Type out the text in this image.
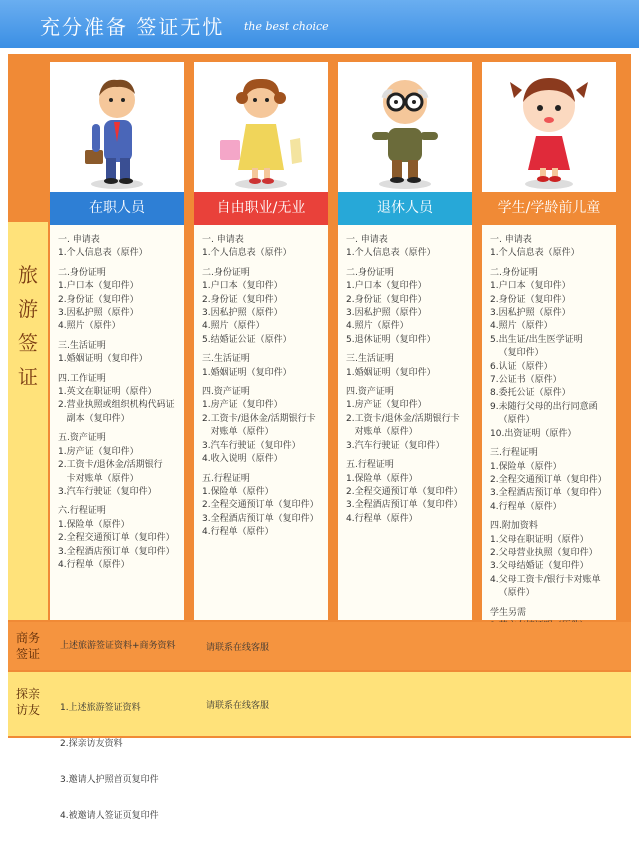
充分准备 签证无忧 the best choice
旅游签证
在职人员
一. 申请表
1.个人信息表（原件）
二.身份证明
1.户口本（复印件）
2.身份证（复印件）
3.因私护照（原件）
4.照片（原件）
三.生活证明
1.婚姻证明（复印件）
四.工作证明
1.英文在职证明（原件）
2.营业执照或组织机构代码证
副本（复印件）
五.资产证明
1.房产证（复印件）
2.工资卡/退休金/活期银行
卡对账单（原件）
3.汽车行驶证（复印件）
六.行程证明
1.保险单（原件）
2.全程交通预订单（复印件）
3.全程酒店预订单（复印件）
4.行程单（原件）
自由职业/无业
一. 申请表
1.个人信息表（原件）
二.身份证明
1.户口本（复印件）
2.身份证（复印件）
3.因私护照（原件）
4.照片（原件）
5.结婚证公证（原件）
三.生活证明
1.婚姻证明（复印件）
四.资产证明
1.房产证（复印件）
2.工资卡/退休金/活期银行卡
对账单（原件）
3.汽车行驶证（复印件）
4.收入说明（原件）
五.行程证明
1.保险单（原件）
2.全程交通预订单（复印件）
3.全程酒店预订单（复印件）
4.行程单（原件）
退休人员
一. 申请表
1.个人信息表（原件）
二.身份证明
1.户口本（复印件）
2.身份证（复印件）
3.因私护照（原件）
4.照片（原件）
5.退休证明（复印件）
三.生活证明
1.婚姻证明（复印件）
四.资产证明
1.房产证（复印件）
2.工资卡/退休金/活期银行卡
对账单（原件）
3.汽车行驶证（复印件）
五.行程证明
1.保险单（原件）
2.全程交通预订单（复印件）
3.全程酒店预订单（复印件）
4.行程单（原件）
学生/学龄前儿童
一. 申请表
1.个人信息表（原件）
二.身份证明
1.户口本（复印件）
2.身份证（复印件）
3.因私护照（原件）
4.照片（原件）
5.出生证/出生医学证明
（复印件）
6.认证（原件）
7.公证书（原件）
8.委托公证（原件）
9.未随行父母的出行同意函
（原件）
10.出资证明（原件）
三.行程证明
1.保险单（原件）
2.全程交通预订单（复印件）
3.全程酒店预订单（复印件）
4.行程单（原件）
四.附加资料
1.父母在职证明（原件）
2.父母营业执照（复印件）
3.父母结婚证（复印件）
4.父母工资卡/银行卡对账单
（原件）
学生另需
商务
签证
上述旅游签证资料+商务资料	请联系在线客服
探亲
访友

	1.上述旅游签证资料

2.探亲访友资料

3.邀请人护照首页复印件

4.被邀请人签证页复印件

请联系在线客服
